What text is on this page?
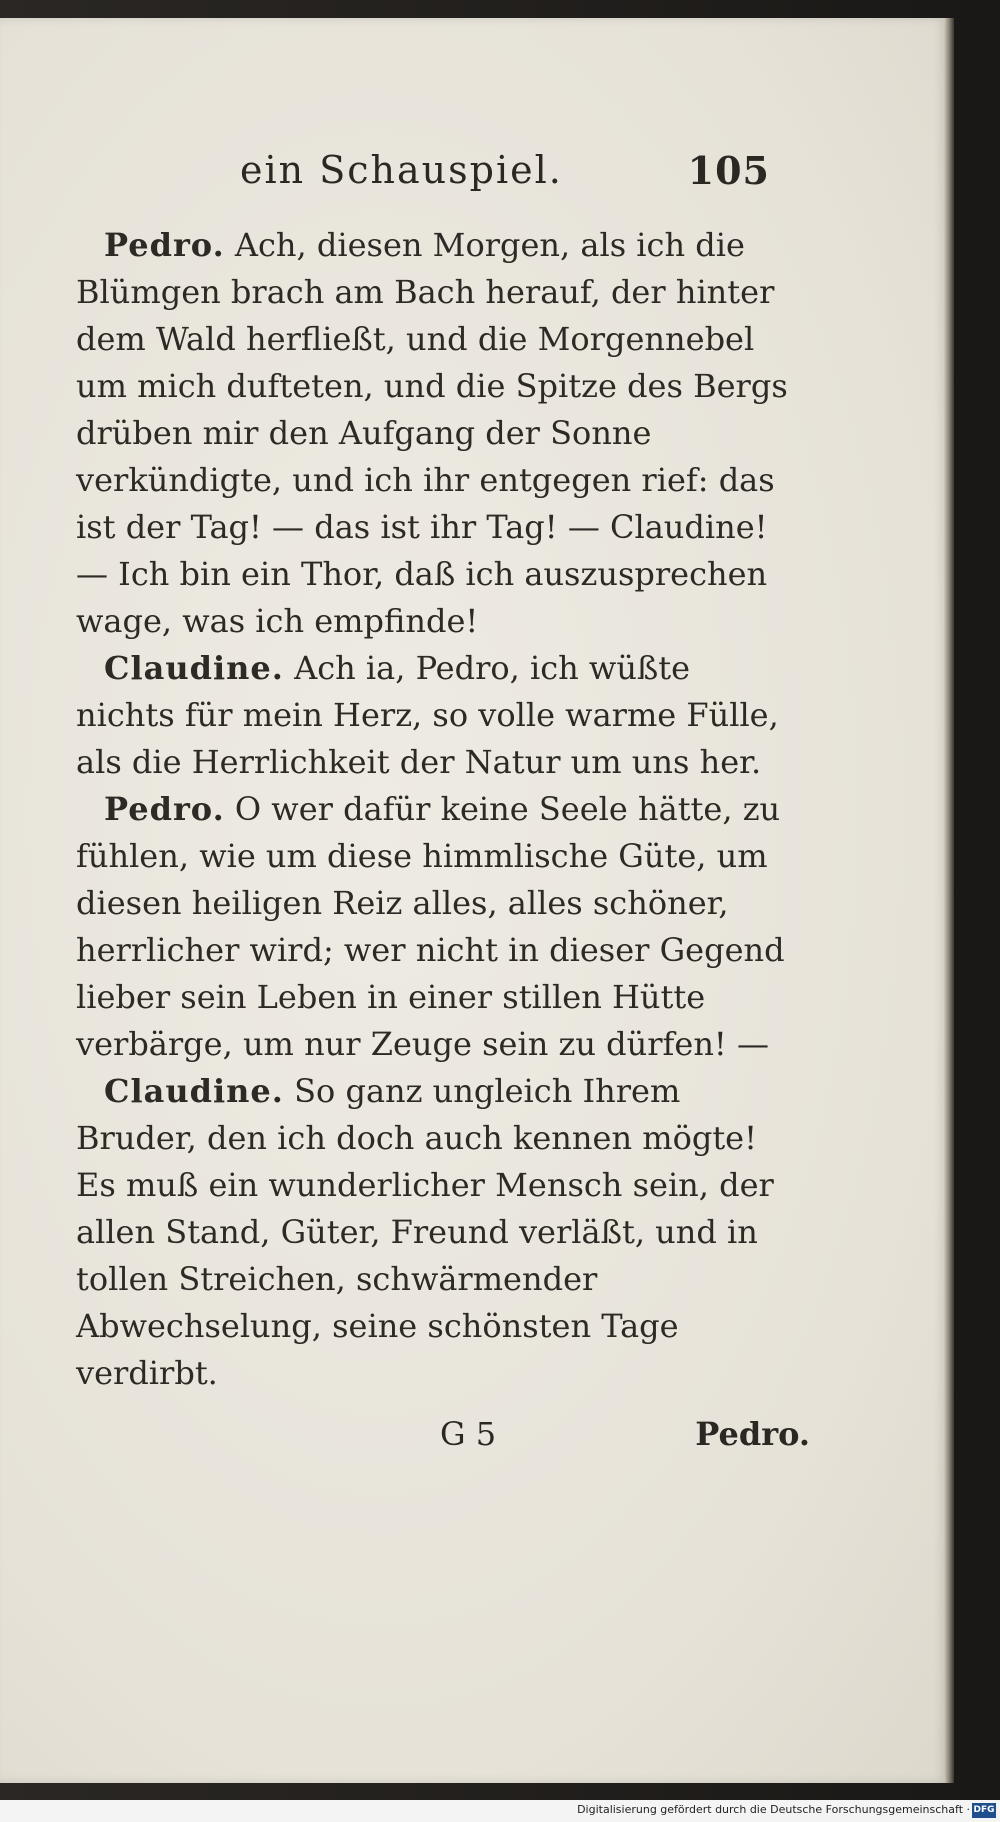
ein Schauspiel.	105

Pedro. Ach, diesen Morgen, als ich die Blümgen brach am Bach herauf, der hinter dem Wald herfließt, und die Morgennebel um mich dufteten, und die Spitze des Bergs drüben mir den Aufgang der Sonne verkündigte, und ich ihr entgegen rief: das ist der Tag! — das ist ihr Tag! — Claudine! — Ich bin ein Thor, daß ich auszusprechen wage, was ich empfinde!

Claudine. Ach ia, Pedro, ich wüßte nichts für mein Herz, so volle warme Fülle, als die Herrlichkeit der Natur um uns her.

Pedro. O wer dafür keine Seele hätte, zu fühlen, wie um diese himmlische Güte, um diesen heiligen Reiz alles, alles schöner, herrlicher wird; wer nicht in dieser Gegend lieber sein Leben in einer stillen Hütte verbärge, um nur Zeuge sein zu dürfen! —

Claudine. So ganz ungleich Ihrem Bruder, den ich doch auch kennen mögte! Es muß ein wunderlicher Mensch sein, der allen Stand, Güter, Freund verläßt, und in tollen Streichen, schwärmender Abwechselung, seine schönsten Tage verdirbt.

G 5	Pedro.
Digitalisierung gefördert durch die Deutsche Forschungsgemeinschaft · DFG
